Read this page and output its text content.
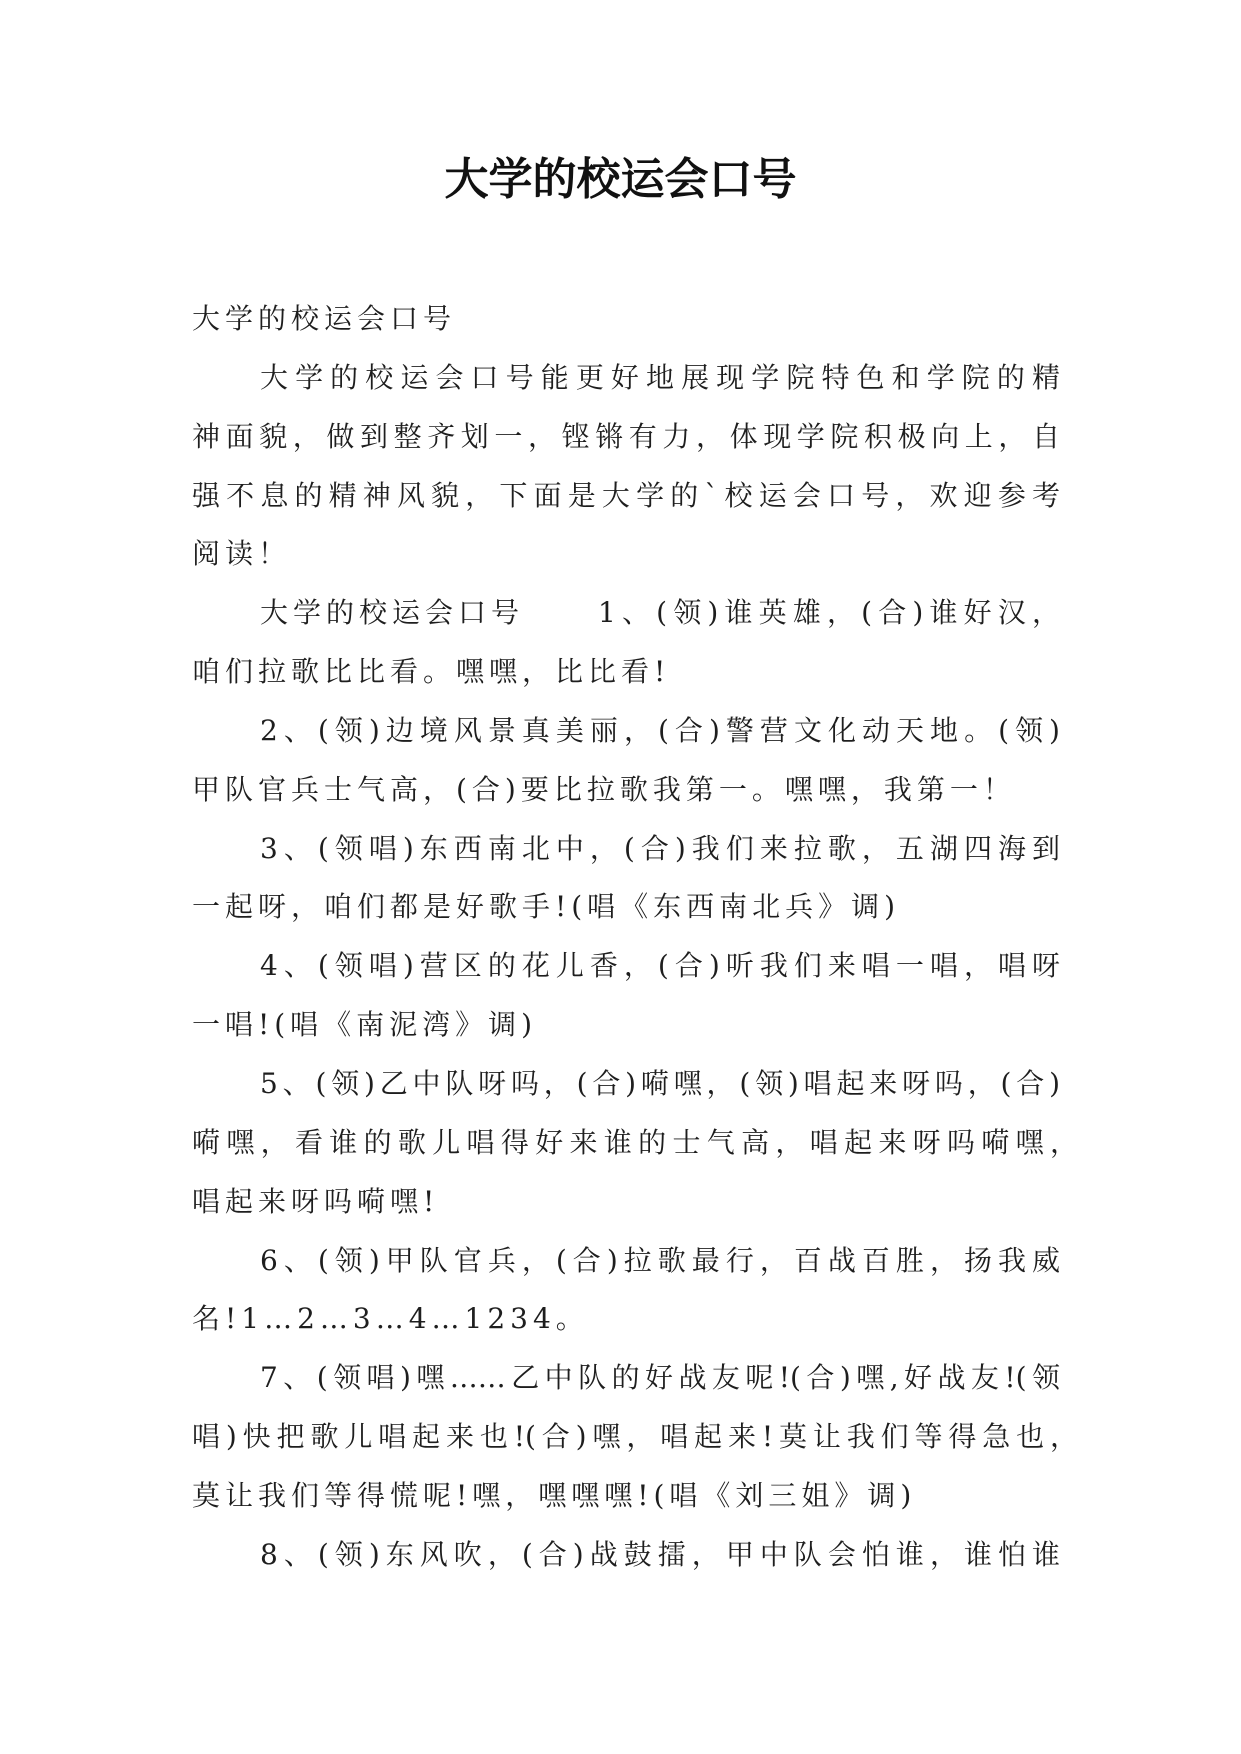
大学的校运会口号
大学的校运会口号
大学的校运会口号能更好地展现学院特色和学院的精
神面貌，做到整齐划一，铿锵有力，体现学院积极向上，自
强不息的精神风貌，下面是大学的`校运会口号，欢迎参考
阅读！
大学的校运会口号	1、(领)谁英雄，(合)谁好汉，
咱们拉歌比比看。嘿嘿，比比看!
2、(领)边境风景真美丽，(合)警营文化动天地。(领)
甲队官兵士气高，(合)要比拉歌我第一。嘿嘿，我第一！
3、(领唱)东西南北中，(合)我们来拉歌，五湖四海到
一起呀，咱们都是好歌手!(唱《东西南北兵》调)
4、(领唱)营区的花儿香，(合)听我们来唱一唱，唱呀
一唱!(唱《南泥湾》调)
5、(领)乙中队呀吗，(合)嗬嘿，(领)唱起来呀吗，(合)
嗬嘿，看谁的歌儿唱得好来谁的士气高，唱起来呀吗嗬嘿，
唱起来呀吗嗬嘿!
6、(领)甲队官兵，(合)拉歌最行，百战百胜，扬我威
名!1…2…3…4…1234。
7、(领唱)嘿……乙中队的好战友呢!(合)嘿,好战友!(领
唱)快把歌儿唱起来也!(合)嘿，唱起来!莫让我们等得急也，
莫让我们等得慌呢!嘿，嘿嘿嘿!(唱《刘三姐》调)
8、(领)东风吹，(合)战鼓擂，甲中队会怕谁，谁怕谁
